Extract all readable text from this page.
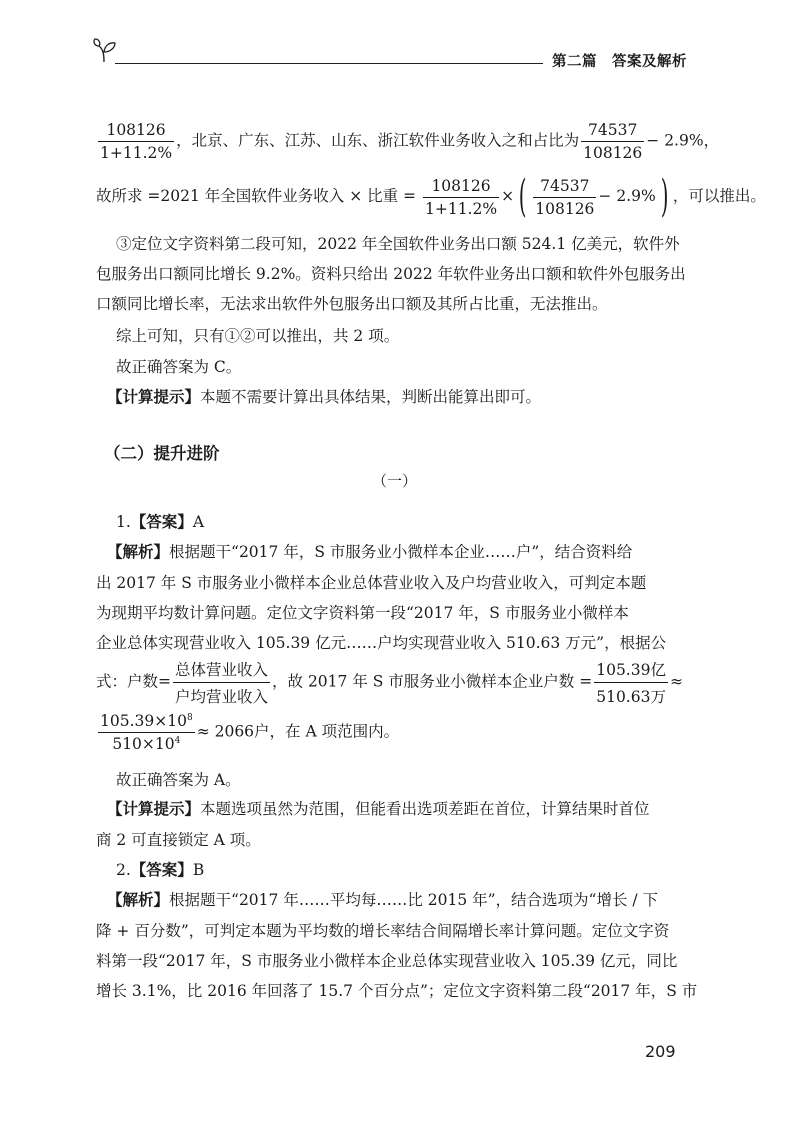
第二篇　答案及解析
$\frac{108126}{1+11.2\%}$ ，北京、广东、江苏、山东、浙江软件业务收入之和占比为 $\frac{74537}{108126} - 2.9\%$，
故所求 =2021 年全国软件业务收入 × 比重 = $\frac{108126}{1+11.2\%}$ × ( $\frac{74537}{108126} - 2.9\%$ ) ，可以推出。
③定位文字资料第二段可知，2022 年全国软件业务出口额 524.1 亿美元，软件外
包服务出口额同比增长 9.2%。资料只给出 2022 年软件业务出口额和软件外包服务出
口额同比增长率，无法求出软件外包服务出口额及其所占比重，无法推出。
综上可知，只有①②可以推出，共 2 项。
故正确答案为 C。
【计算提示】本题不需要计算出具体结果，判断出能算出即可。
（二）提升进阶
（一）
1.【答案】A
【解析】根据题干“2017 年，S 市服务业小微样本企业……户”，结合资料给
出 2017 年 S 市服务业小微样本企业总体营业收入及户均营业收入，可判定本题
为现期平均数计算问题。定位文字资料第一段“2017 年，S 市服务业小微样本
企业总体实现营业收入 105.39 亿元……户均实现营业收入 510.63 万元”，根据公
式：户数= $\frac{\text{总体营业收入}}{\text{户均营业收入}}$ ，故 2017 年 S 市服务业小微样本企业户数 = $\frac{\text{105.39亿}}{\text{510.63万}}$ ≈
$\frac{105.39\times 10^8}{510\times 10^4} \approx 2066$户，在 A 项范围内。
故正确答案为 A。
【计算提示】本题选项虽然为范围，但能看出选项差距在首位，计算结果时首位
商 2 可直接锁定 A 项。
2.【答案】B
【解析】根据题干“2017 年……平均每……比 2015 年”，结合选项为“增长 / 下
降 + 百分数”，可判定本题为平均数的增长率结合间隔增长率计算问题。定位文字资
料第一段“2017 年，S 市服务业小微样本企业总体实现营业收入 105.39 亿元，同比
增长 3.1%，比 2016 年回落了 15.7 个百分点”；定位文字资料第二段“2017 年，S 市
209
